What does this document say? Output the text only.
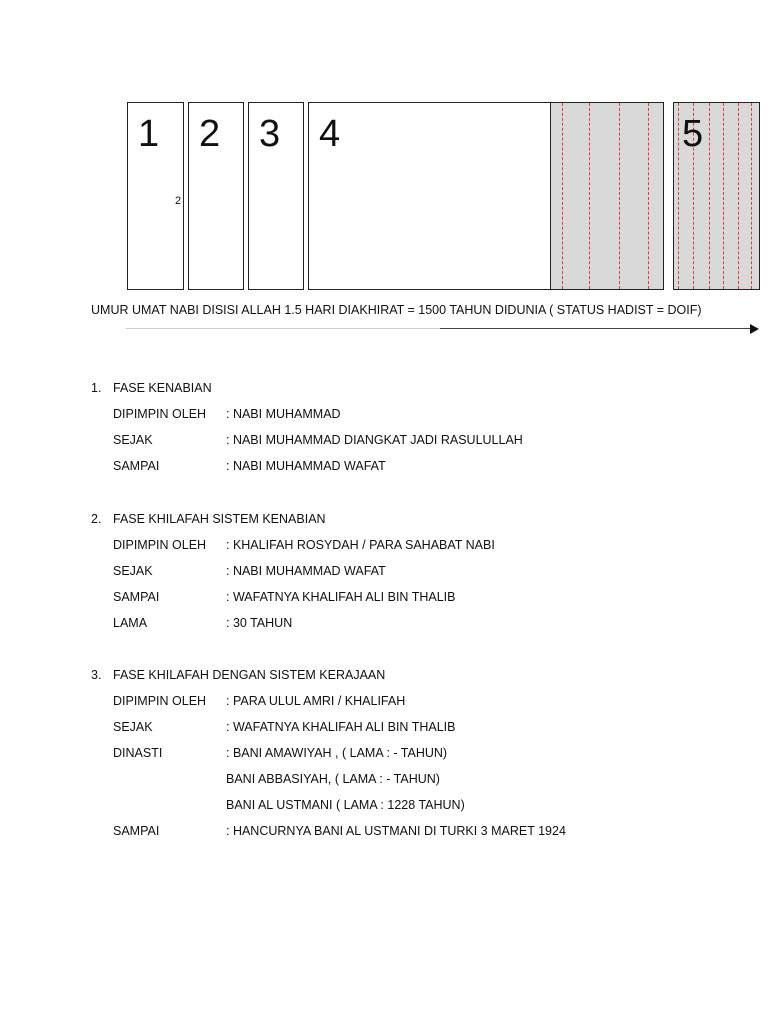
1
2
2 3 4	5
UMUR UMAT NABI DISISI ALLAH 1.5 HARI DIAKHIRAT = 1500 TAHUN DIDUNIA ( STATUS HADIST = DOIF)
1. FASE KENABIAN
DIPIMPIN OLEH : NABI MUHAMMAD
SEJAK	: NABI MUHAMMAD DIANGKAT JADI RASULULLAH
SAMPAI	: NABI MUHAMMAD WAFAT
2. FASE KHILAFAH SISTEM KENABIAN
DIPIMPIN OLEH : KHALIFAH ROSYDAH / PARA SAHABAT NABI
SEJAK	: NABI MUHAMMAD WAFAT
SAMPAI	: WAFATNYA KHALIFAH ALI BIN THALIB
LAMA	: 30 TAHUN
3. FASE KHILAFAH DENGAN SISTEM KERAJAAN
DIPIMPIN OLEH : PARA ULUL AMRI / KHALIFAH
SEJAK	: WAFATNYA KHALIFAH ALI BIN THALIB
DINASTI	: BANI AMAWIYAH , ( LAMA : - TAHUN)
BANI ABBASIYAH, ( LAMA : - TAHUN)
BANI AL USTMANI ( LAMA : 1228 TAHUN)
SAMPAI	: HANCURNYA BANI AL USTMANI DI TURKI 3 MARET 1924
